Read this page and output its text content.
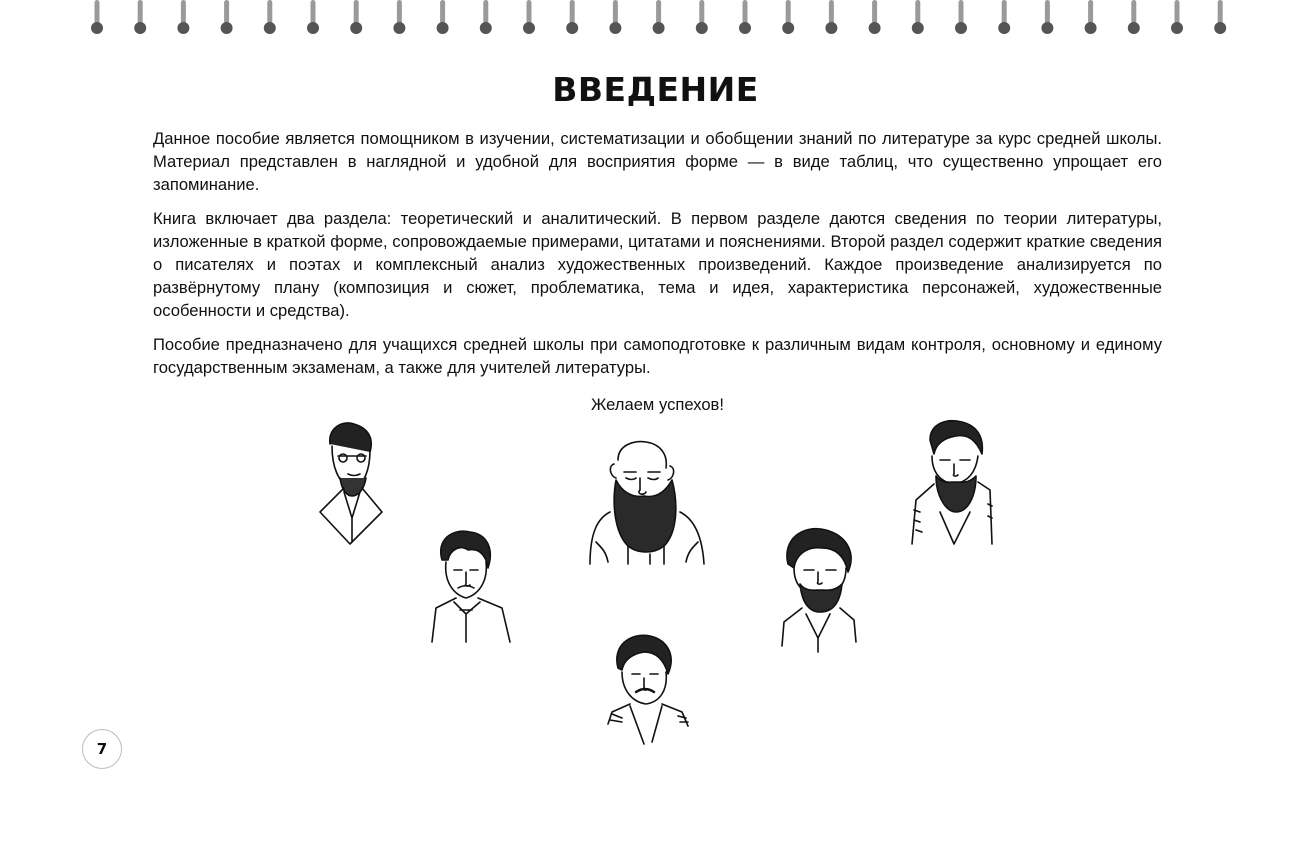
ВВЕДЕНИЕ

Данное пособие является помощником в изучении, систематизации и обобщении знаний по литературе за курс средней школы. Материал представлен в наглядной и удобной для восприятия форме — в виде таблиц, что существенно упрощает его запоминание.

Книга включает два раздела: теоретический и аналитический. В первом разделе даются сведения по теории литературы, изложенные в краткой форме, сопровождаемые примерами, цитатами и пояснениями. Второй раздел содержит краткие сведения о писателях и поэтах и комплексный анализ художественных произведений. Каждое произведение анализируется по развёрнутому плану (композиция и сюжет, проблематика, тема и идея, характеристика персонажей, художественные особенности и средства).

Пособие предназначено для учащихся средней школы при самоподготовке к различным видам контроля, основному и единому государственным экзаменам, а также для учителей литературы.

Желаем успехов!

7
